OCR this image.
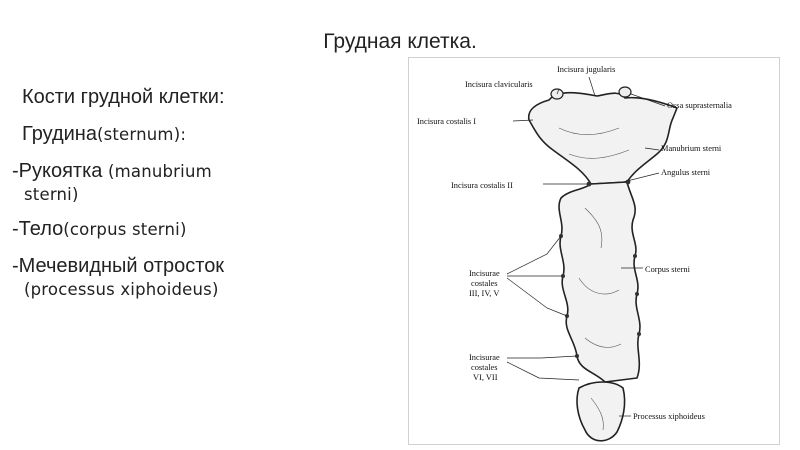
Грудная клетка.
Кости грудной клетки:
Грудина(sternum):
-Рукоятка (manubrium
sterni)
-Тело(corpus sterni)
-Мечевидный отросток
(processus xiphoideus)
Incisura jugularis
Incisura clavicularis
Ossa suprasternalia
Incisura costalis I
Manubrium sterni
Angulus sterni
Incisura costalis II
Corpus sterni
Incisurae
costales
III, IV, V
Incisurae
costales
VI, VII
Processus xiphoideus
